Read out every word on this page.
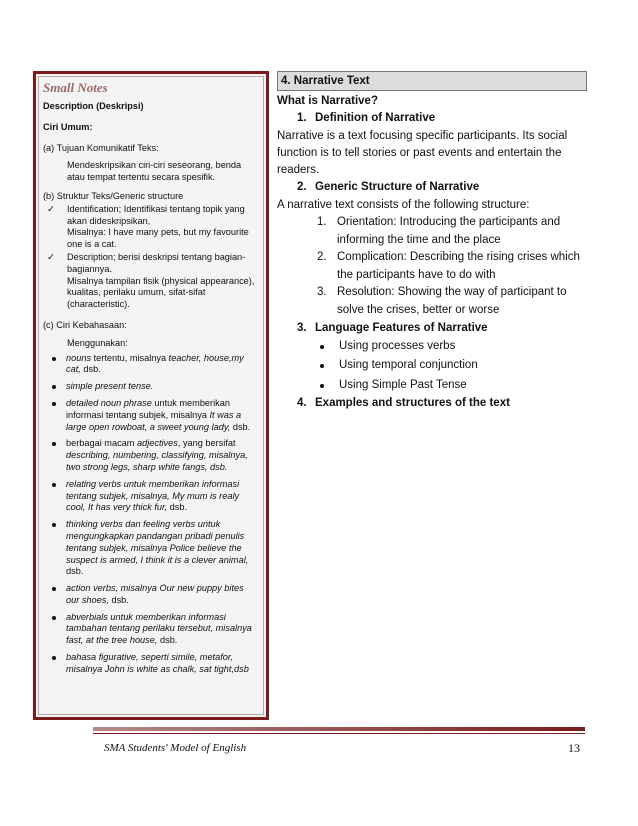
Small Notes

Description (Deskripsi)

Ciri Umum:

(a) Tujuan Komunikatif Teks:

Mendeskripsikan ciri-ciri seseorang, benda atau tempat tertentu secara spesifik.

(b) Struktur Teks/Generic structure

✓	Identification; Identifikasi tentang topik yang akan dideskripsikan,

Misalnya: I have many pets, but my favourite one is a cat.

✓	Description; berisi deskripsi tentang bagian-bagiannya.

Misalnya tampilan fisik (physical appearance), kualitas, perilaku umum, sifat-sifat (characteristic).

(c) Ciri Kebahasaan:

Menggunakan:

nouns tertentu, misalnya teacher, house,my cat, dsb.
simple present tense.
detailed noun phrase untuk memberikan informasi tentang subjek, misalnya It was a large open rowboat, a sweet young lady, dsb.
berbagai macam adjectives, yang bersifat describing, numbering, classifying, misalnya, two strong legs, sharp white fangs, dsb.
relating verbs untuk memberikan informasi tentang subjek, misalnya, My mum is realy cool, It has very thick fur, dsb.
thinking verbs dan feeling verbs untuk mengungkapkan pandangan pribadi penulis tentang subjek, misalnya Police believe the suspect is armed, I think it is a clever animal, dsb.
action verbs, misalnya Our new puppy bites our shoes, dsb.
abverbials untuk memberikan informasi tambahan tentang perilaku tersebut, misalnya fast, at the tree house, dsb.
bahasa figurative, seperti simile, metafor, misalnya John is white as chalk, sat tight,dsb
4. Narrative Text

What is Narrative?

1. Definition of Narrative

Narrative is a text focusing specific participants. Its social function is to tell stories or past events and entertain the readers.

2. Generic Structure of Narrative

A narrative text consists of the following structure:

1. Orientation: Introducing the participants and informing the time and the place
2. Complication: Describing the rising crises which the participants have to do with
3. Resolution: Showing the way of participant to solve the crises, better or worse
3. Language Features of Narrative
Using processes verbs
Using temporal conjunction
Using Simple Past Tense
4. Examples and structures of the text
SMA Students' Model of English	13
